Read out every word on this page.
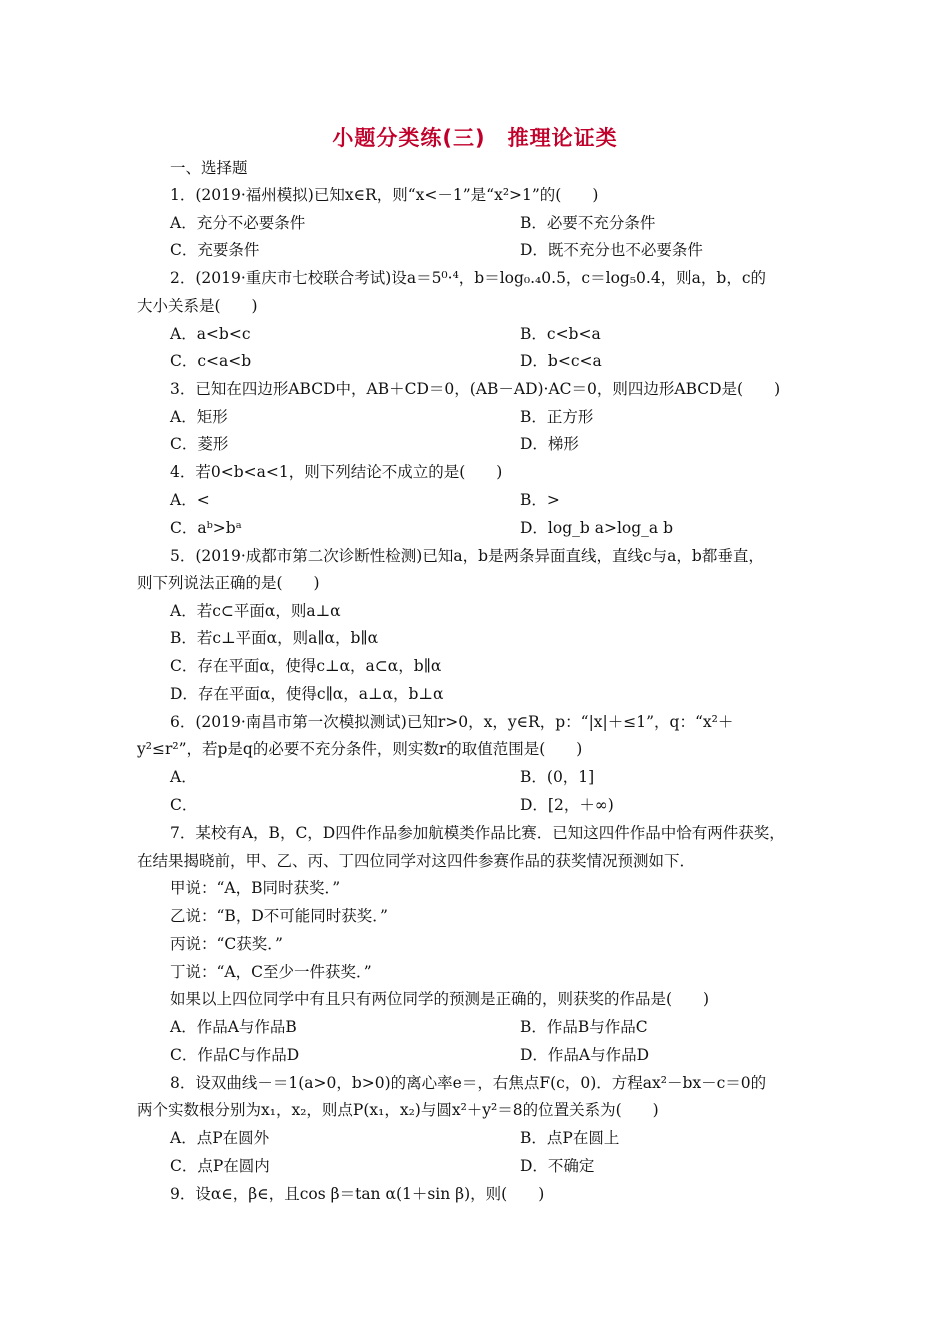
小题分类练(三)　推理论证类
一、选择题
1．(2019·福州模拟)已知x∈R，则“x<－1”是“x²>1”的(　　)
A．充分不必要条件	B．必要不充分条件
C．充要条件	D．既不充分也不必要条件
2．(2019·重庆市七校联合考试)设a＝5⁰·⁴，b＝log₀.₄0.5，c＝log₅0.4，则a，b，c的
大小关系是(　　)
A．a<b<c	B．c<b<a
C．c<a<b	D．b<c<a
3．已知在四边形ABCD中，AB＋CD＝0，(AB－AD)·AC＝0，则四边形ABCD是(　　)
A．矩形	B．正方形
C．菱形	D．梯形
4．若0<b<a<1，则下列结论不成立的是(　　)
A．<	B．>
C．aᵇ>bᵃ	D．log_b a>log_a b
5．(2019·成都市第二次诊断性检测)已知a，b是两条异面直线，直线c与a，b都垂直，
则下列说法正确的是(　　)
A．若c⊂平面α，则a⊥α
B．若c⊥平面α，则a∥α，b∥α
C．存在平面α，使得c⊥α，a⊂α，b∥α
D．存在平面α，使得c∥α，a⊥α，b⊥α
6．(2019·南昌市第一次模拟测试)已知r>0，x，y∈R，p：“|x|＋≤1”，q：“x²＋
y²≤r²”，若p是q的必要不充分条件，则实数r的取值范围是(　　)
A．	B．(0，1]
C．	D．[2，＋∞)
7．某校有A，B，C，D四件作品参加航模类作品比赛．已知这四件作品中恰有两件获奖，
在结果揭晓前，甲、乙、丙、丁四位同学对这四件参赛作品的获奖情况预测如下．
甲说：“A，B同时获奖．”
乙说：“B，D不可能同时获奖．”
丙说：“C获奖．”
丁说：“A，C至少一件获奖．”
如果以上四位同学中有且只有两位同学的预测是正确的，则获奖的作品是(　　)
A．作品A与作品B	B．作品B与作品C
C．作品C与作品D	D．作品A与作品D
8．设双曲线－＝1(a>0，b>0)的离心率e＝，右焦点F(c，0)．方程ax²－bx－c＝0的
两个实数根分别为x₁，x₂，则点P(x₁，x₂)与圆x²＋y²＝8的位置关系为(　　)
A．点P在圆外	B．点P在圆上
C．点P在圆内	D．不确定
9．设α∈，β∈，且cos β＝tan α(1＋sin β)，则(　　)
